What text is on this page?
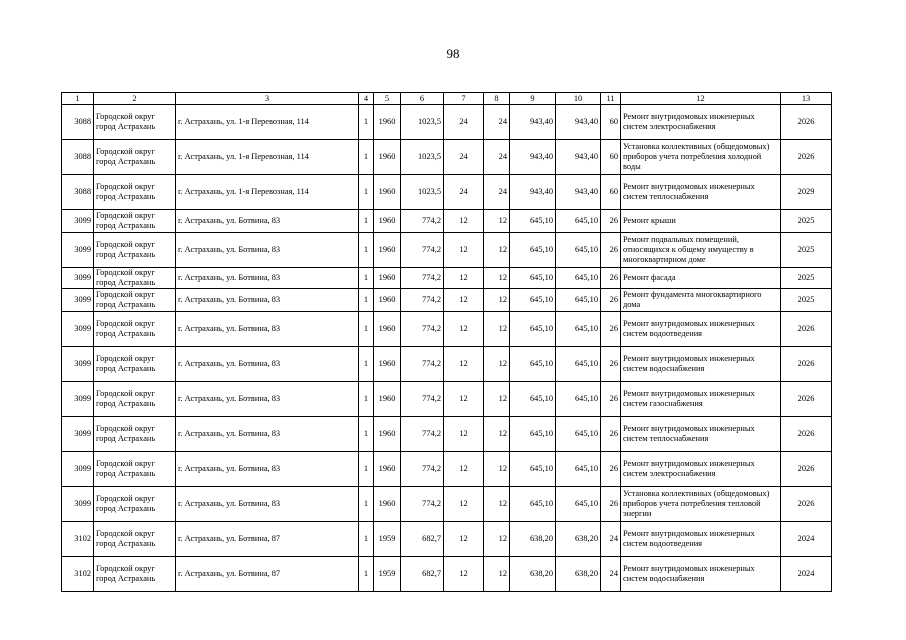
98
1	2	3	4	5	6	7	8	9	10	11	12	13
3088	Городской округ город Астрахань	г. Астрахань, ул. 1-я Перевозная, 114	1	1960	1023,5	24	24	943,40	943,40	60	Ремонт внутридомовых инженерных систем электроснабжения	2026
3088	Городской округ город Астрахань	г. Астрахань, ул. 1-я Перевозная, 114	1	1960	1023,5	24	24	943,40	943,40	60	Установка коллективных (общедомовых) приборов учета потребления холодной воды	2026
3088	Городской округ город Астрахань	г. Астрахань, ул. 1-я Перевозная, 114	1	1960	1023,5	24	24	943,40	943,40	60	Ремонт внутридомовых инженерных систем теплоснабжения	2029
3099	Городской округ город Астрахань	г. Астрахань, ул. Ботвина, 83	1	1960	774,2	12	12	645,10	645,10	26	Ремонт крыши	2025
3099	Городской округ город Астрахань	г. Астрахань, ул. Ботвина, 83	1	1960	774,2	12	12	645,10	645,10	26	Ремонт подвальных помещений, относящихся к общему имуществу в многоквартирном доме	2025
3099	Городской округ город Астрахань	г. Астрахань, ул. Ботвина, 83	1	1960	774,2	12	12	645,10	645,10	26	Ремонт фасада	2025
3099	Городской округ город Астрахань	г. Астрахань, ул. Ботвина, 83	1	1960	774,2	12	12	645,10	645,10	26	Ремонт фундамента многоквартирного дома	2025
3099	Городской округ город Астрахань	г. Астрахань, ул. Ботвина, 83	1	1960	774,2	12	12	645,10	645,10	26	Ремонт внутридомовых инженерных систем водоотведения	2026
3099	Городской округ город Астрахань	г. Астрахань, ул. Ботвина, 83	1	1960	774,2	12	12	645,10	645,10	26	Ремонт внутридомовых инженерных систем водоснабжения	2026
3099	Городской округ город Астрахань	г. Астрахань, ул. Ботвина, 83	1	1960	774,2	12	12	645,10	645,10	26	Ремонт внутридомовых инженерных систем газоснабжения	2026
3099	Городской округ город Астрахань	г. Астрахань, ул. Ботвина, 83	1	1960	774,2	12	12	645,10	645,10	26	Ремонт внутридомовых инженерных систем теплоснабжения	2026
3099	Городской округ город Астрахань	г. Астрахань, ул. Ботвина, 83	1	1960	774,2	12	12	645,10	645,10	26	Ремонт внутридомовых инженерных систем электроснабжения	2026
3099	Городской округ город Астрахань	г. Астрахань, ул. Ботвина, 83	1	1960	774,2	12	12	645,10	645,10	26	Установка коллективных (общедомовых) приборов учета потребления тепловой энергии	2026
3102	Городской округ город Астрахань	г. Астрахань, ул. Ботвина, 87	1	1959	682,7	12	12	638,20	638,20	24	Ремонт внутридомовых инженерных систем водоотведения	2024
3102	Городской округ город Астрахань	г. Астрахань, ул. Ботвина, 87	1	1959	682,7	12	12	638,20	638,20	24	Ремонт внутридомовых инженерных систем водоснабжения	2024
